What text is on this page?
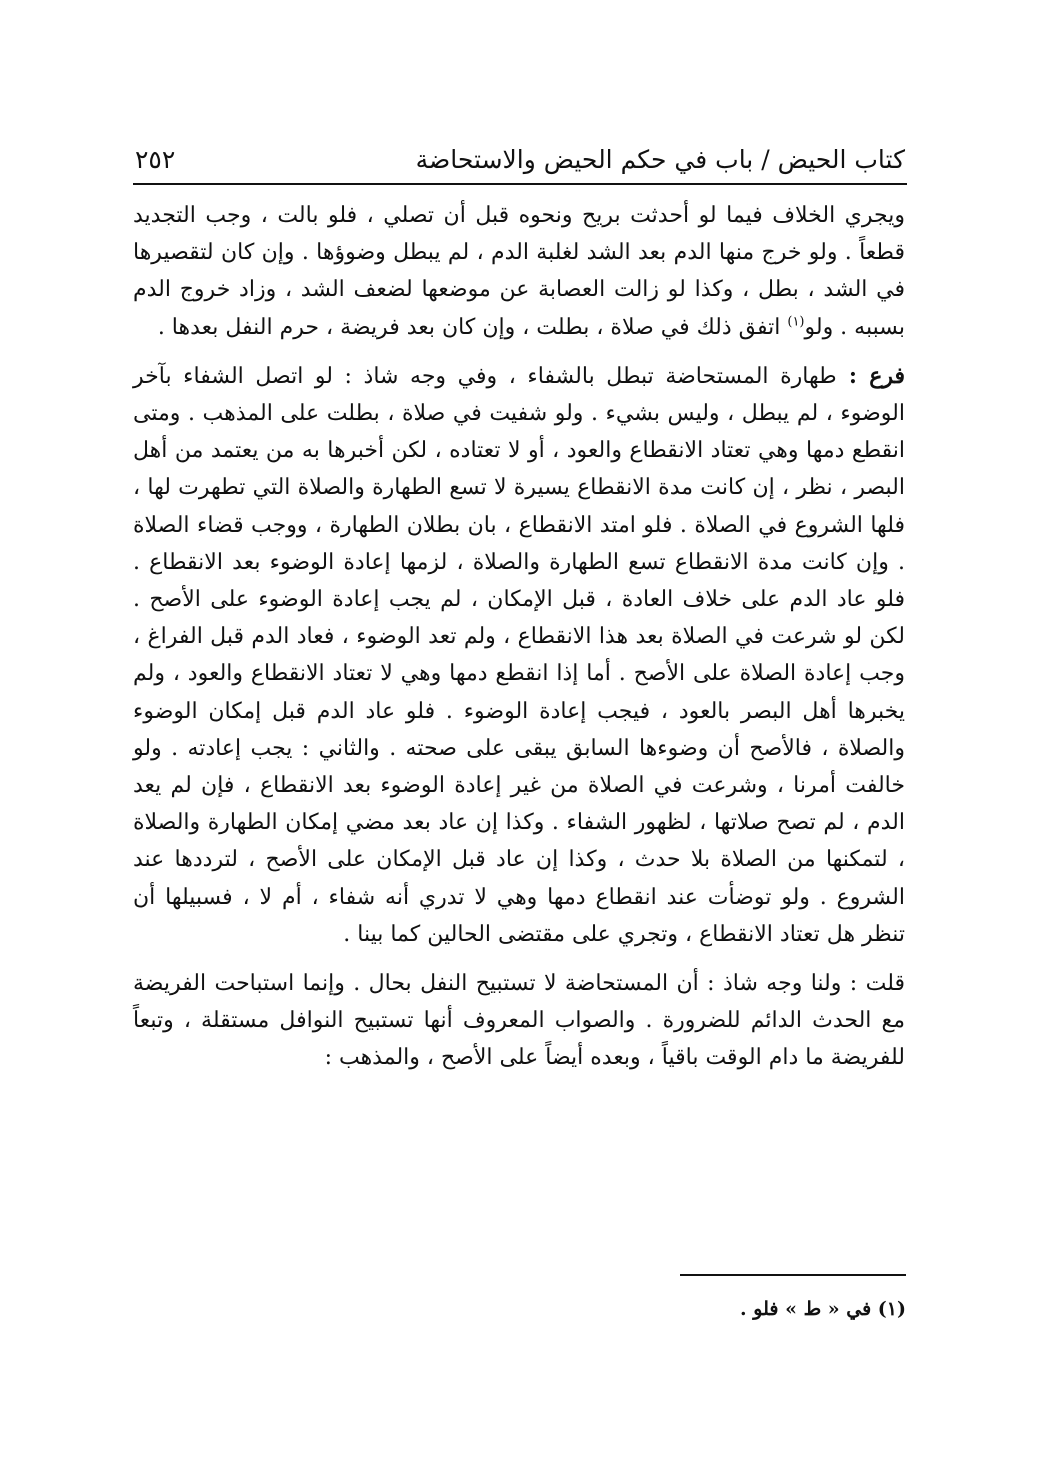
كتاب الحيض / باب في حكم الحيض والاستحاضة
٢٥٢

ويجري الخلاف فيما لو أحدثت بريح ونحوه قبل أن تصلي ، فلو بالت ، وجب التجديد قطعاً . ولو خرج منها الدم بعد الشد لغلبة الدم ، لم يبطل وضوؤها . وإن كان لتقصيرها في الشد ، بطل ، وكذا لو زالت العصابة عن موضعها لضعف الشد ، وزاد خروج الدم بسببه . ولو$^{(١)}$ اتفق ذلك في صلاة ، بطلت ، وإن كان بعد فريضة ، حرم النفل بعدها .

فرع : طهارة المستحاضة تبطل بالشفاء ، وفي وجه شاذ : لو اتصل الشفاء بآخر الوضوء ، لم يبطل ، وليس بشيء . ولو شفيت في صلاة ، بطلت على المذهب . ومتى انقطع دمها وهي تعتاد الانقطاع والعود ، أو لا تعتاده ، لكن أخبرها به من يعتمد من أهل البصر ، نظر ، إن كانت مدة الانقطاع يسيرة لا تسع الطهارة والصلاة التي تطهرت لها ، فلها الشروع في الصلاة . فلو امتد الانقطاع ، بان بطلان الطهارة ، ووجب قضاء الصلاة . وإن كانت مدة الانقطاع تسع الطهارة والصلاة ، لزمها إعادة الوضوء بعد الانقطاع . فلو عاد الدم على خلاف العادة ، قبل الإمكان ، لم يجب إعادة الوضوء على الأصح . لكن لو شرعت في الصلاة بعد هذا الانقطاع ، ولم تعد الوضوء ، فعاد الدم قبل الفراغ ، وجب إعادة الصلاة على الأصح . أما إذا انقطع دمها وهي لا تعتاد الانقطاع والعود ، ولم يخبرها أهل البصر بالعود ، فيجب إعادة الوضوء . فلو عاد الدم قبل إمكان الوضوء والصلاة ، فالأصح أن وضوءها السابق يبقى على صحته . والثاني : يجب إعادته . ولو خالفت أمرنا ، وشرعت في الصلاة من غير إعادة الوضوء بعد الانقطاع ، فإن لم يعد الدم ، لم تصح صلاتها ، لظهور الشفاء . وكذا إن عاد بعد مضي إمكان الطهارة والصلاة ، لتمكنها من الصلاة بلا حدث ، وكذا إن عاد قبل الإمكان على الأصح ، لترددها عند الشروع . ولو توضأت عند انقطاع دمها وهي لا تدري أنه شفاء ، أم لا ، فسبيلها أن تنظر هل تعتاد الانقطاع ، وتجري على مقتضى الحالين كما بينا .

قلت : ولنا وجه شاذ : أن المستحاضة لا تستبيح النفل بحال . وإنما استباحت الفريضة مع الحدث الدائم للضرورة . والصواب المعروف أنها تستبيح النوافل مستقلة ، وتبعاً للفريضة ما دام الوقت باقياً ، وبعده أيضاً على الأصح ، والمذهب :

(١) في « ط » فلو .
